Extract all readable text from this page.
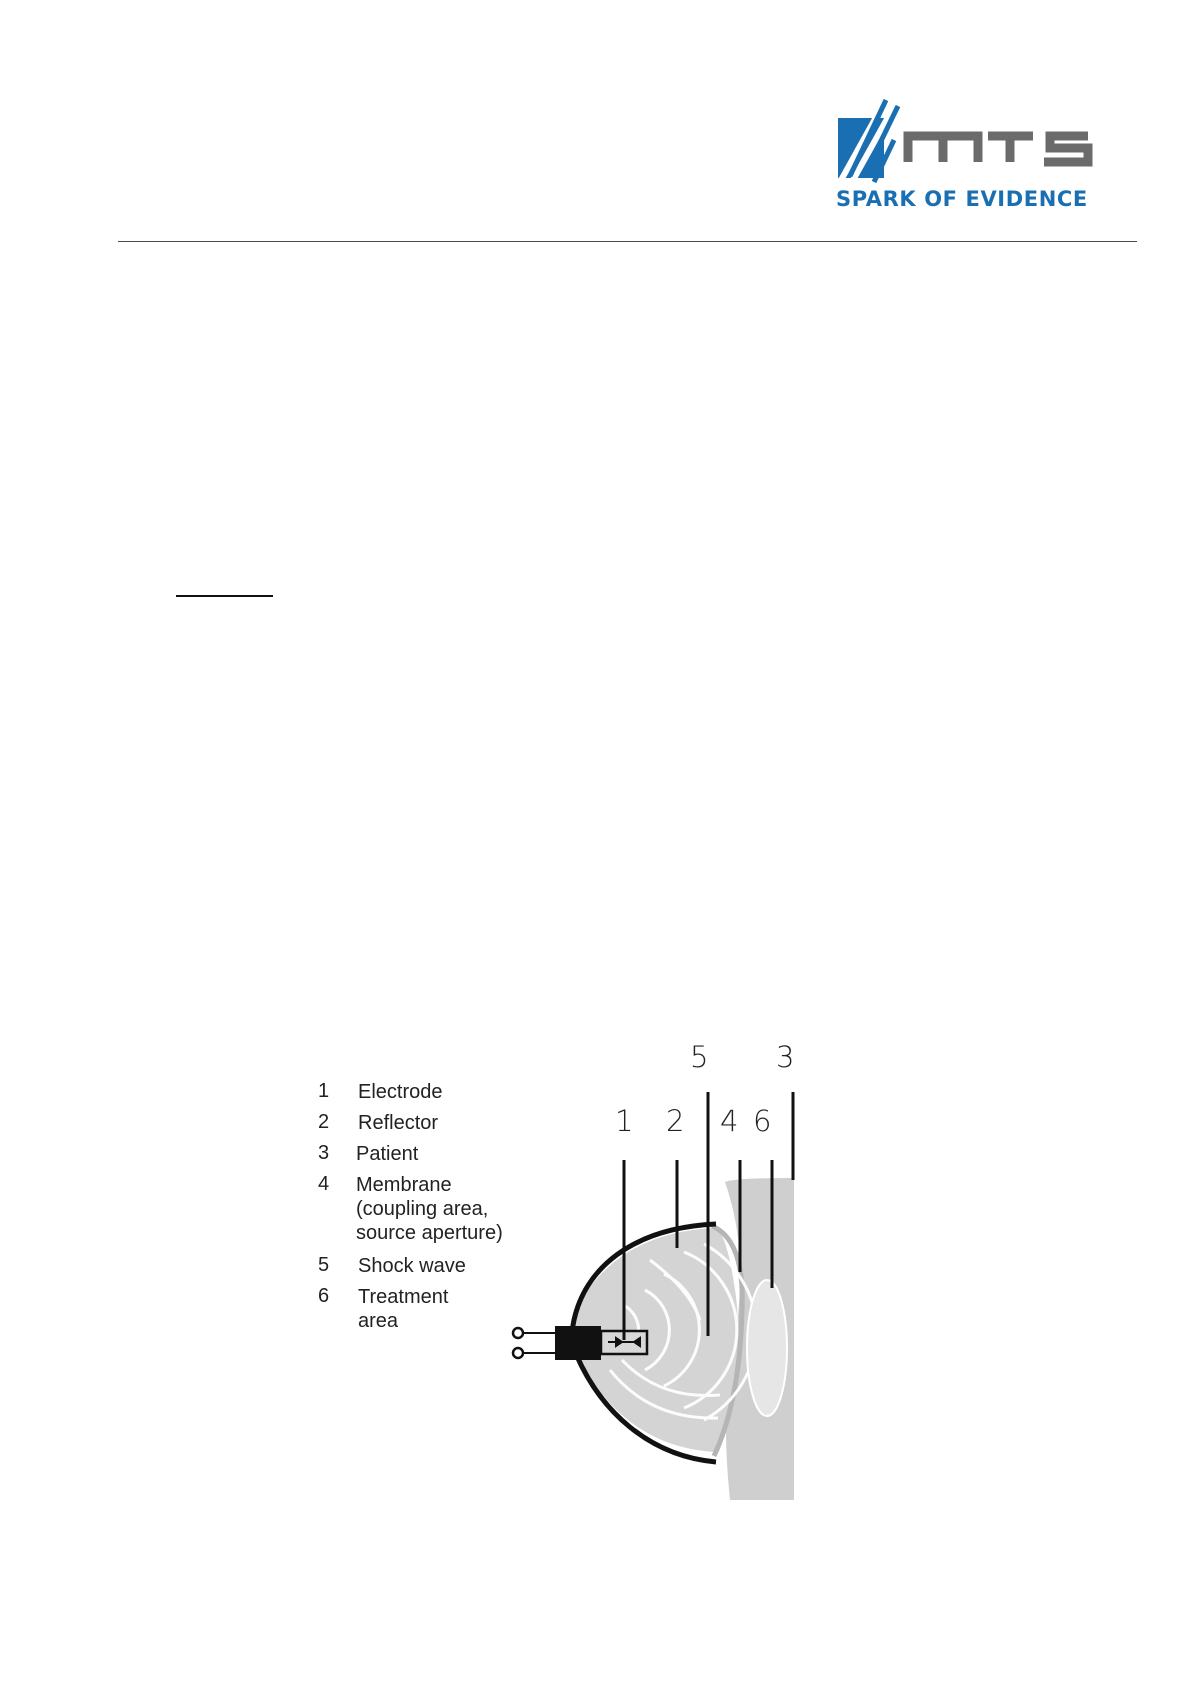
SPARK OF EVIDENCE
1	Electrode
2	Reflector
3	Patient
4	Membrane
(coupling area,
source aperture)
5	Shock wave
6	Treatment
area
5 3
1 2 4 6
